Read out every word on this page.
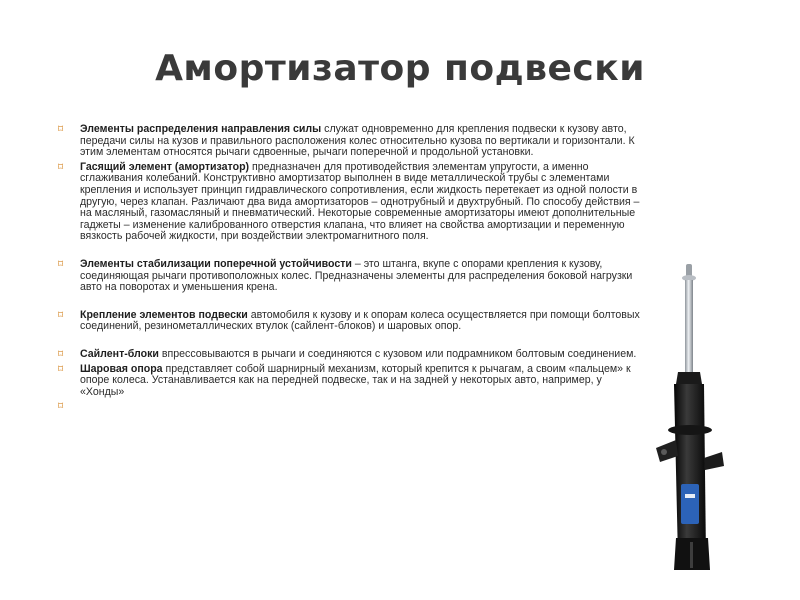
Амортизатор подвески
⌑ Элементы распределения направления силы служат одновременно для крепления подвески к кузову авто, передачи силы на кузов и правильного расположения колес относительно кузова по вертикали и горизонтали. К этим элементам относятся рычаги сдвоенные, рычаги поперечной и продольной установки.
⌑ Гасящий элемент (амортизатор) предназначен для противодействия элементам упругости, а именно сглаживания колебаний. Конструктивно амортизатор выполнен в виде металлической трубы с элементами крепления и использует принцип гидравлического сопротивления, если жидкость перетекает из одной полости в другую, через клапан. Различают два вида амортизаторов – однотрубный и двухтрубный. По способу действия – на масляный, газомасляный и пневматический. Некоторые современные амортизаторы имеют дополнительные гаджеты – изменение калиброванного отверстия клапана, что влияет на свойства амортизации и переменную вязкость рабочей жидкости, при воздействии электромагнитного поля.
⌑ Элементы стабилизации поперечной устойчивости – это штанга, вкупе с опорами крепления к кузову, соединяющая рычаги противоположных колес. Предназначены элементы для распределения боковой нагрузки авто на поворотах и уменьшения крена.
⌑ Крепление элементов подвески автомобиля к кузову и к опорам колеса осуществляется при помощи болтовых соединений, резинометаллических втулок (сайлент-блоков) и шаровых опор.
⌑ Сайлент-блоки впрессовываются в рычаги и соединяются с кузовом или подрамником болтовым соединением.
⌑ Шаровая опора представляет собой шарнирный механизм, который крепится к рычагам, а своим «пальцем» к опоре колеса. Устанавливается как на передней подвеске, так и на задней у некоторых авто, например, у «Хонды»
⌑
